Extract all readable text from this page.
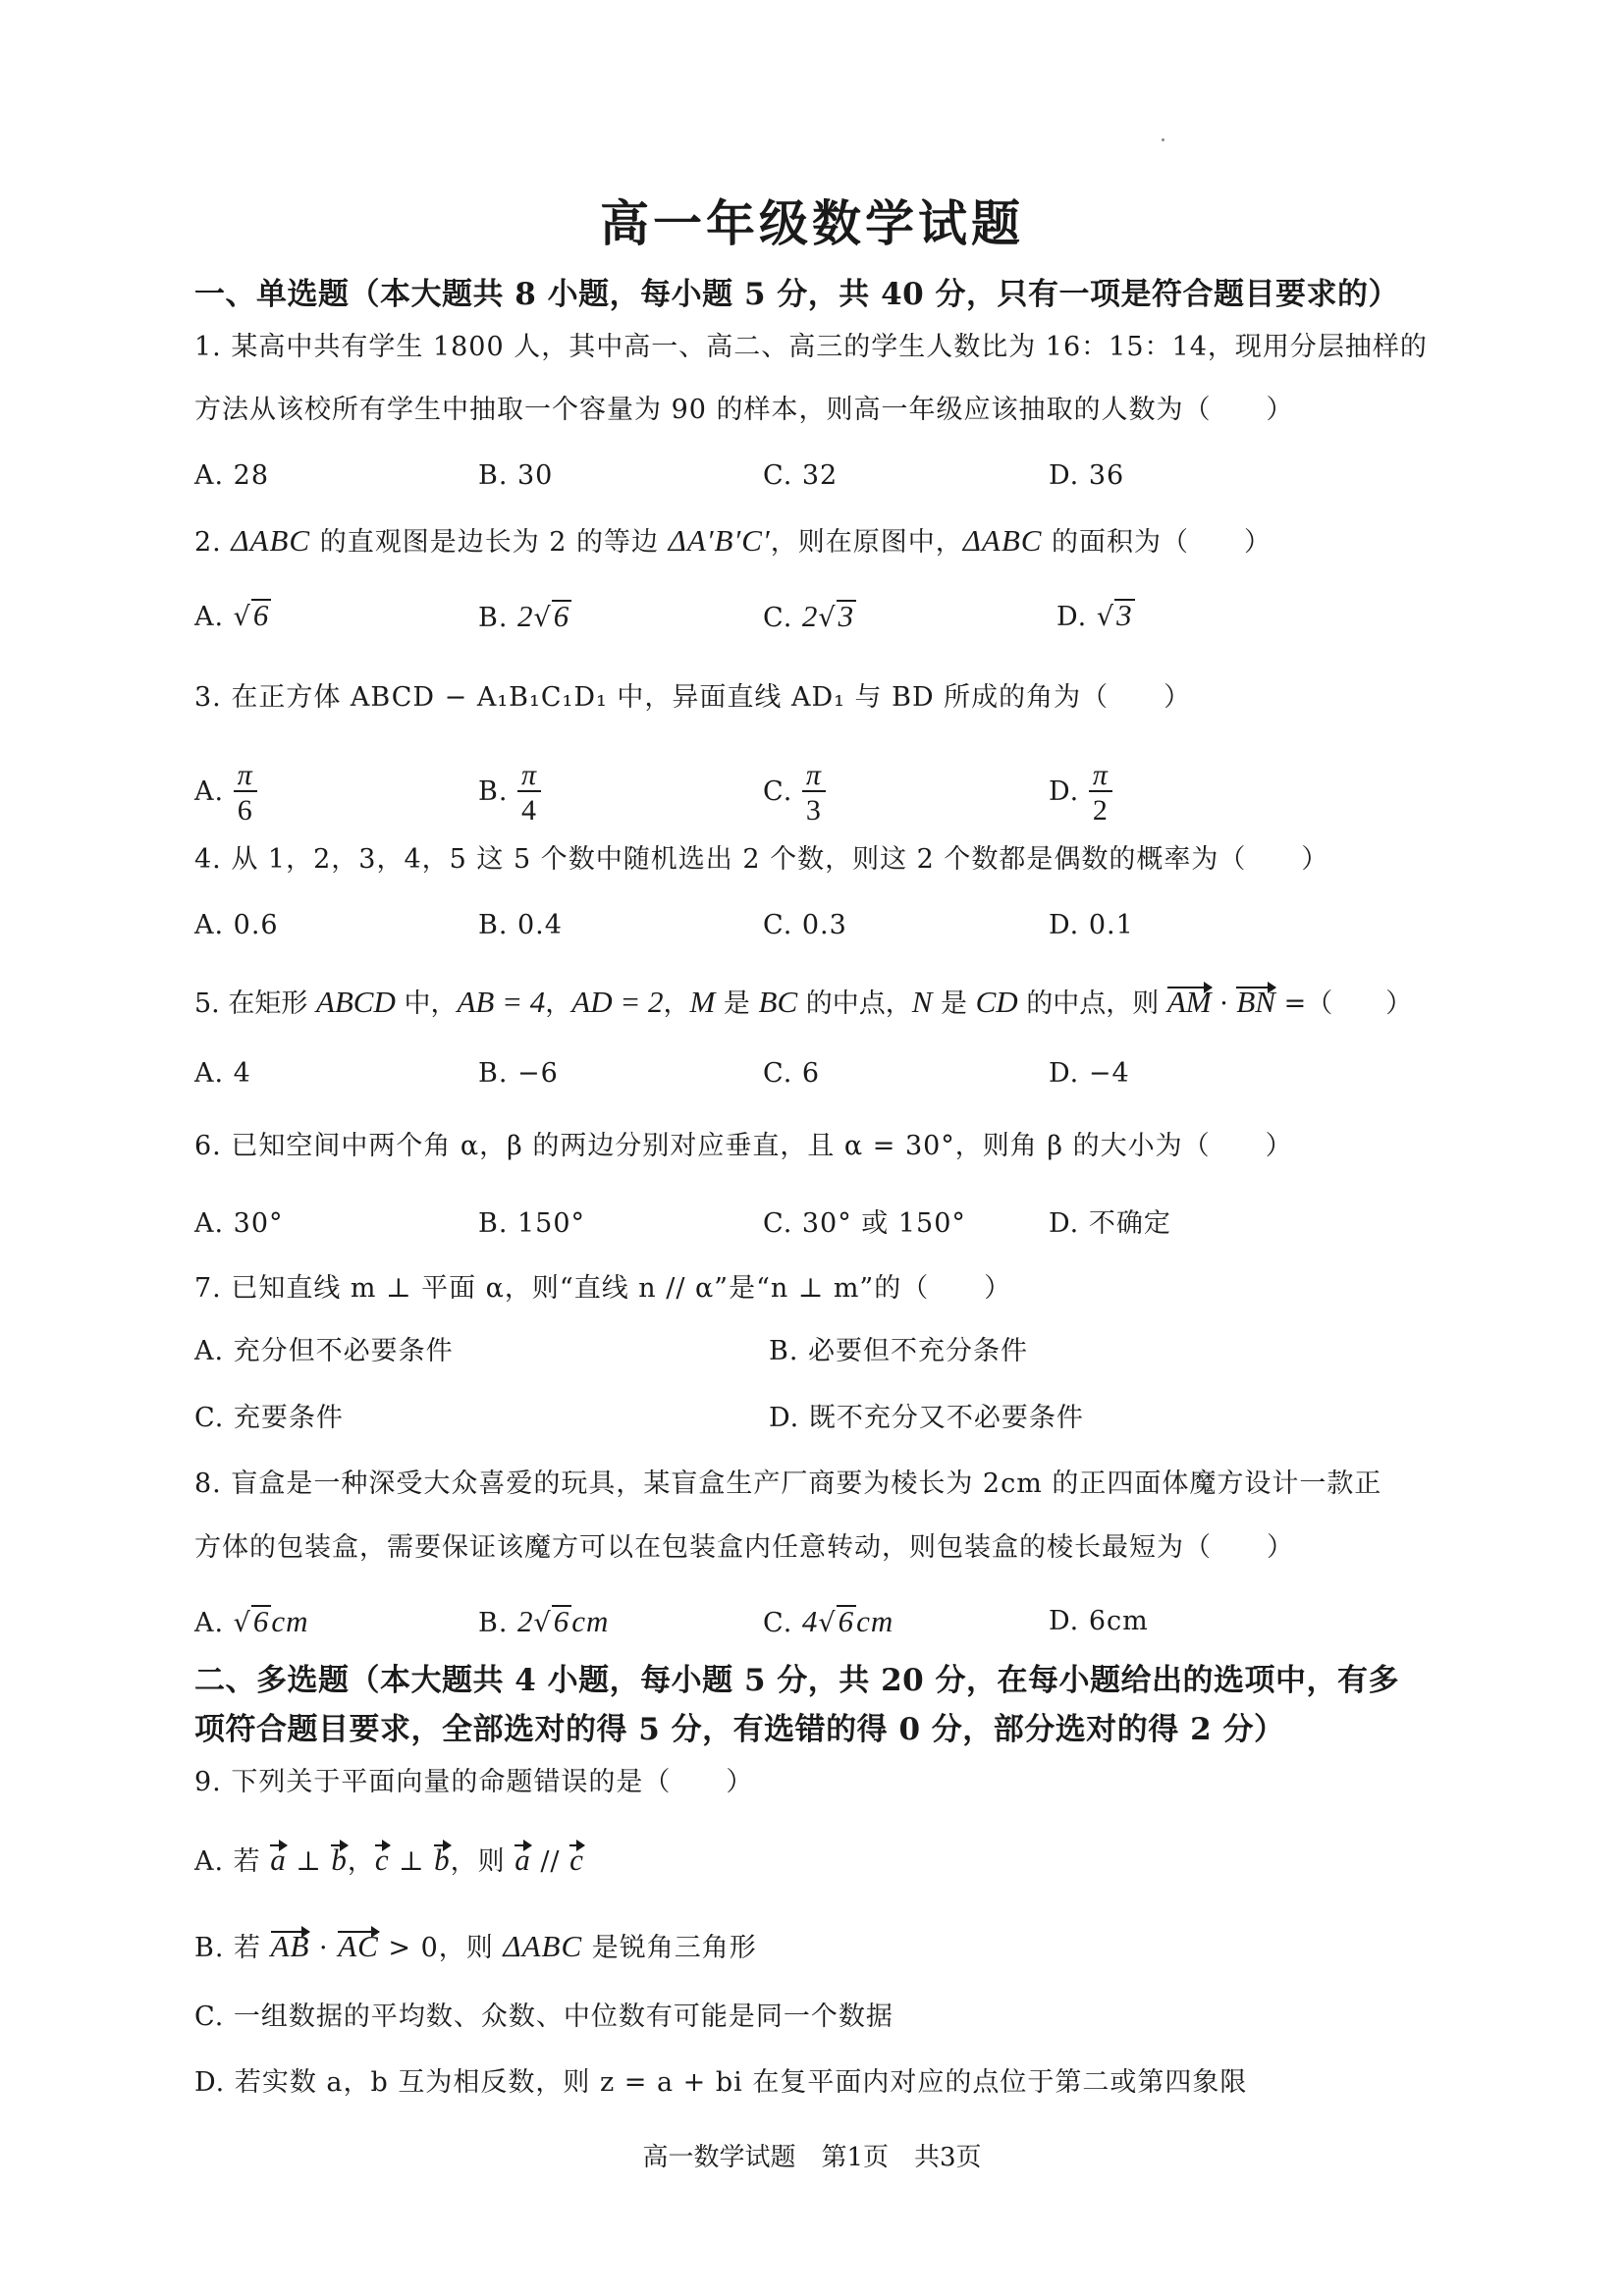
高一年级数学试题
一、单选题（本大题共 8 小题，每小题 5 分，共 40 分，只有一项是符合题目要求的）
1. 某高中共有学生 1800 人，其中高一、高二、高三的学生人数比为 16：15：14，现用分层抽样的
方法从该校所有学生中抽取一个容量为 90 的样本，则高一年级应该抽取的人数为（　　）
A. 28	B. 30	C. 32	D. 36
2. ΔABC 的直观图是边长为 2 的等边 ΔA′B′C′，则在原图中，ΔABC 的面积为（　　）
A. √6	B. 2√6	C. 2√3	D. √3
3. 在正方体 ABCD − A₁B₁C₁D₁ 中，异面直线 AD₁ 与 BD 所成的角为（　　）
A. $\frac{\pi}{6}$	B. $\frac{\pi}{4}$	C. $\frac{\pi}{3}$	D. $\frac{\pi}{2}$
4. 从 1，2，3，4，5 这 5 个数中随机选出 2 个数，则这 2 个数都是偶数的概率为（　　）
A. 0.6	B. 0.4	C. 0.3	D. 0.1
5. 在矩形 ABCD 中，AB = 4，AD = 2，M 是 BC 的中点，N 是 CD 的中点，则 AM · BN =（　　）
A. 4	B. −6	C. 6	D. −4
6. 已知空间中两个角 α，β 的两边分别对应垂直，且 α = 30°，则角 β 的大小为（　　）
A. 30°	B. 150°	C. 30° 或 150°	D. 不确定
7. 已知直线 m ⊥ 平面 α，则“直线 n // α”是“n ⊥ m”的（　　）
A. 充分但不必要条件	B. 必要但不充分条件
C. 充要条件	D. 既不充分又不必要条件
8. 盲盒是一种深受大众喜爱的玩具，某盲盒生产厂商要为棱长为 2cm 的正四面体魔方设计一款正
方体的包装盒，需要保证该魔方可以在包装盒内任意转动，则包装盒的棱长最短为（　　）
A. √6cm	B. 2√6cm	C. 4√6cm	D. 6cm
二、多选题（本大题共 4 小题，每小题 5 分，共 20 分，在每小题给出的选项中，有多
项符合题目要求，全部选对的得 5 分，有选错的得 0 分，部分选对的得 2 分）
9. 下列关于平面向量的命题错误的是（　　）
A. 若 a ⊥ b，c ⊥ b，则 a // c
B. 若 AB · AC > 0，则 ΔABC 是锐角三角形
C. 一组数据的平均数、众数、中位数有可能是同一个数据
D. 若实数 a，b 互为相反数，则 z = a + bi 在复平面内对应的点位于第二或第四象限
高一数学试题　第1页　共3页
